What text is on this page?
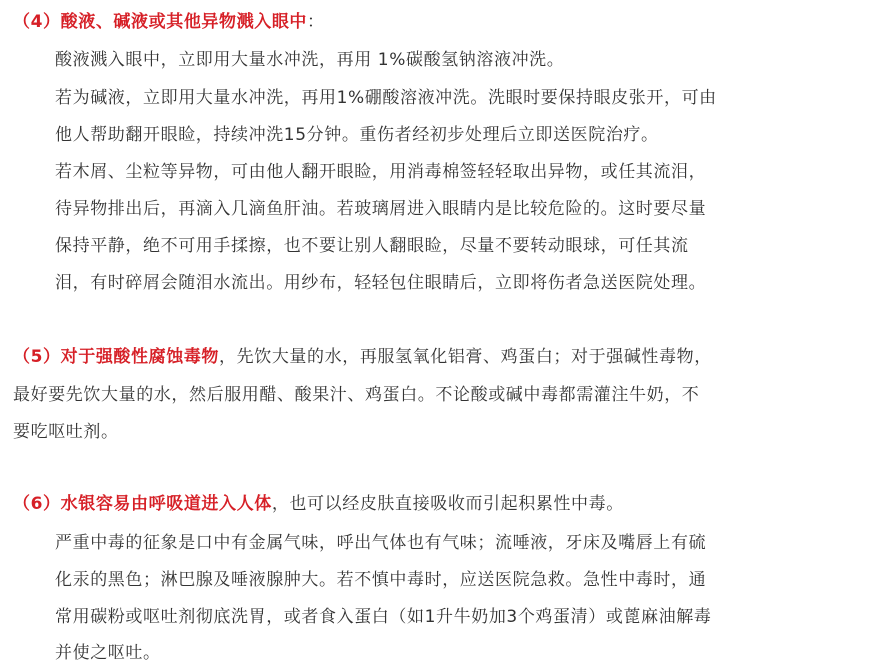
（4）酸液、碱液或其他异物溅入眼中：
酸液溅入眼中，立即用大量水冲洗，再用 1%碳酸氢钠溶液冲洗。
若为碱液，立即用大量水冲洗，再用1%硼酸溶液冲洗。洗眼时要保持眼皮张开，可由
他人帮助翻开眼睑，持续冲洗15分钟。重伤者经初步处理后立即送医院治疗。
若木屑、尘粒等异物，可由他人翻开眼睑，用消毒棉签轻轻取出异物，或任其流泪，
待异物排出后，再滴入几滴鱼肝油。若玻璃屑进入眼睛内是比较危险的。这时要尽量
保持平静，绝不可用手揉擦，也不要让别人翻眼睑，尽量不要转动眼球，可任其流
泪，有时碎屑会随泪水流出。用纱布，轻轻包住眼睛后，立即将伤者急送医院处理。
（5）对于强酸性腐蚀毒物，先饮大量的水，再服氢氧化铝膏、鸡蛋白；对于强碱性毒物，
最好要先饮大量的水，然后服用醋、酸果汁、鸡蛋白。不论酸或碱中毒都需灌注牛奶，不
要吃呕吐剂。
（6）水银容易由呼吸道进入人体，也可以经皮肤直接吸收而引起积累性中毒。
严重中毒的征象是口中有金属气味，呼出气体也有气味；流唾液，牙床及嘴唇上有硫
化汞的黑色；淋巴腺及唾液腺肿大。若不慎中毒时，应送医院急救。急性中毒时，通
常用碳粉或呕吐剂彻底洗胃，或者食入蛋白（如1升牛奶加3个鸡蛋清）或蓖麻油解毒
并使之呕吐。
